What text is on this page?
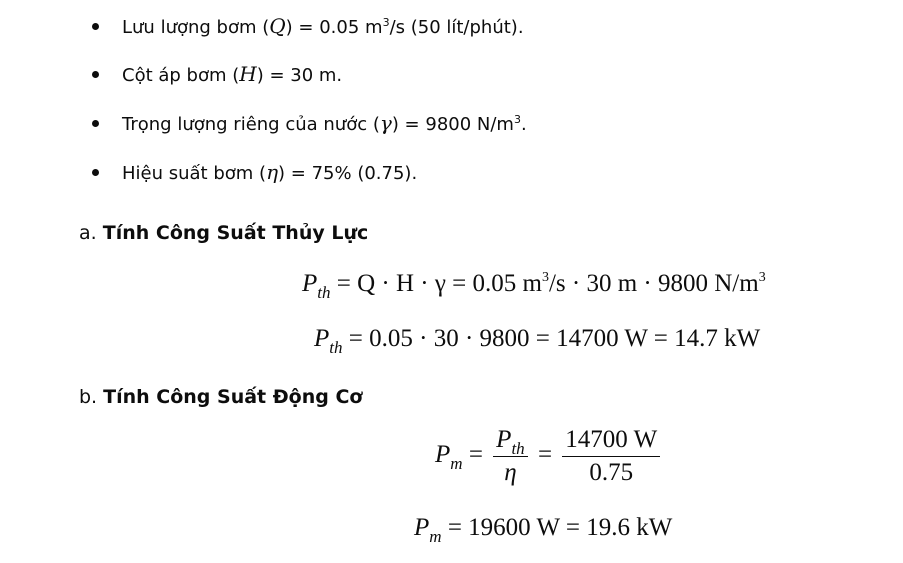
Lưu lượng bơm (Q) = 0.05 $m^3/s$ (50 lít/phút).
Cột áp bơm (H) = 30 m.
Trọng lượng riêng của nước (γ) = 9800 $N/m^3$.
Hiệu suất bơm (η) = 75% (0.75).
a. Tính Công Suất Thủy Lực
$P_{th} = Q \cdot H \cdot \gamma = 0.05$ $m^3/s \cdot 30$ m · 9800 $N/m^3$
$P_{th} = 0.05 \cdot 30 \cdot 9800 = 14700$ W = 14.7 kW
b. Tính Công Suất Động Cơ
$P_m = \frac{P_{th}}{\eta} = \frac{14700 W}{0.75}$
$P_m = 19600$ W = 19.6 kW
